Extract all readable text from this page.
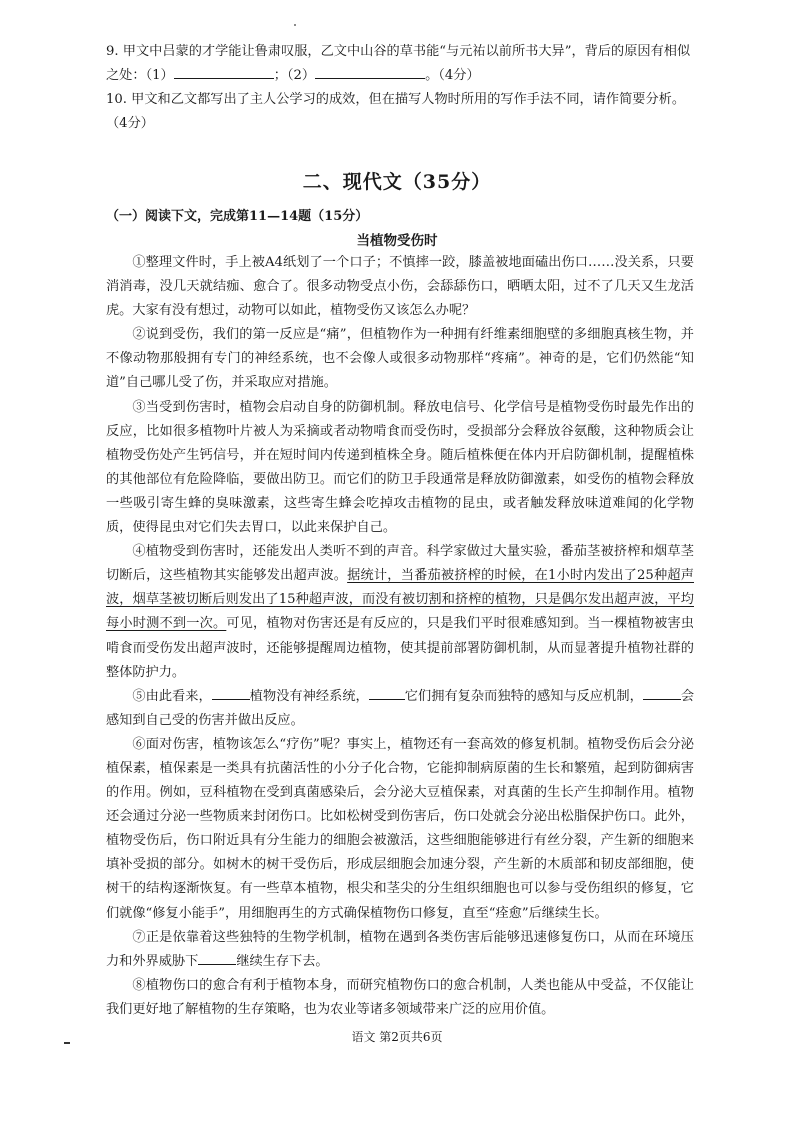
9. 甲文中吕蒙的才学能让鲁肃叹服，乙文中山谷的草书能“与元祐以前所书大异”，背后的原因有相似之处：（1）	；（2）	。（4分）

10. 甲文和乙文都写出了主人公学习的成效，但在描写人物时所用的写作手法不同，请作简要分析。（4分）

二、现代文（35分）
（一）阅读下文，完成第11—14题（15分）
当植物受伤时

①整理文件时，手上被A4纸划了一个口子；不慎摔一跤，膝盖被地面磕出伤口……没关系，只要消消毒，没几天就结痂、愈合了。很多动物受点小伤，会舔舔伤口，晒晒太阳，过不了几天又生龙活虎。大家有没有想过，动物可以如此，植物受伤又该怎么办呢？

②说到受伤，我们的第一反应是“痛”，但植物作为一种拥有纤维素细胞壁的多细胞真核生物，并不像动物那般拥有专门的神经系统，也不会像人或很多动物那样“疼痛”。神奇的是，它们仍然能“知道”自己哪儿受了伤，并采取应对措施。

③当受到伤害时，植物会启动自身的防御机制。释放电信号、化学信号是植物受伤时最先作出的反应，比如很多植物叶片被人为采摘或者动物啃食而受伤时，受损部分会释放谷氨酸，这种物质会让植物受伤处产生钙信号，并在短时间内传递到植株全身。随后植株便在体内开启防御机制，提醒植株的其他部位有危险降临，要做出防卫。而它们的防卫手段通常是释放防御激素，如受伤的植物会释放一些吸引寄生蜂的臭味激素，这些寄生蜂会吃掉攻击植物的昆虫，或者触发释放味道难闻的化学物质，使得昆虫对它们失去胃口，以此来保护自己。

④植物受到伤害时，还能发出人类听不到的声音。科学家做过大量实验，番茄茎被挤榨和烟草茎切断后，这些植物其实能够发出超声波。据统计，当番茄被挤榨的时候，在1小时内发出了25种超声波，烟草茎被切断后则发出了15种超声波，而没有被切割和挤榨的植物，只是偶尔发出超声波，平均每小时测不到一次。可见，植物对伤害还是有反应的，只是我们平时很难感知到。当一棵植物被害虫啃食而受伤发出超声波时，还能够提醒周边植物，使其提前部署防御机制，从而显著提升植物社群的整体防护力。

⑤由此看来，	植物没有神经系统，	它们拥有复杂而独特的感知与反应机制，	会感知到自己受的伤害并做出反应。

⑥面对伤害，植物该怎么“疗伤”呢？事实上，植物还有一套高效的修复机制。植物受伤后会分泌植保素，植保素是一类具有抗菌活性的小分子化合物，它能抑制病原菌的生长和繁殖，起到防御病害的作用。例如，豆科植物在受到真菌感染后，会分泌大豆植保素，对真菌的生长产生抑制作用。植物还会通过分泌一些物质来封闭伤口。比如松树受到伤害后，伤口处就会分泌出松脂保护伤口。此外，植物受伤后，伤口附近具有分生能力的细胞会被激活，这些细胞能够进行有丝分裂，产生新的细胞来填补受损的部分。如树木的树干受伤后，形成层细胞会加速分裂，产生新的木质部和韧皮部细胞，使树干的结构逐渐恢复。有一些草本植物，根尖和茎尖的分生组织细胞也可以参与受伤组织的修复，它们就像“修复小能手”，用细胞再生的方式确保植物伤口修复，直至“痊愈”后继续生长。

⑦正是依靠着这些独特的生物学机制，植物在遇到各类伤害后能够迅速修复伤口，从而在环境压力和外界威胁下	继续生存下去。

⑧植物伤口的愈合有利于植物本身，而研究植物伤口的愈合机制，人类也能从中受益，不仅能让我们更好地了解植物的生存策略，也为农业等诸多领域带来广泛的应用价值。

语文 第2页共6页
